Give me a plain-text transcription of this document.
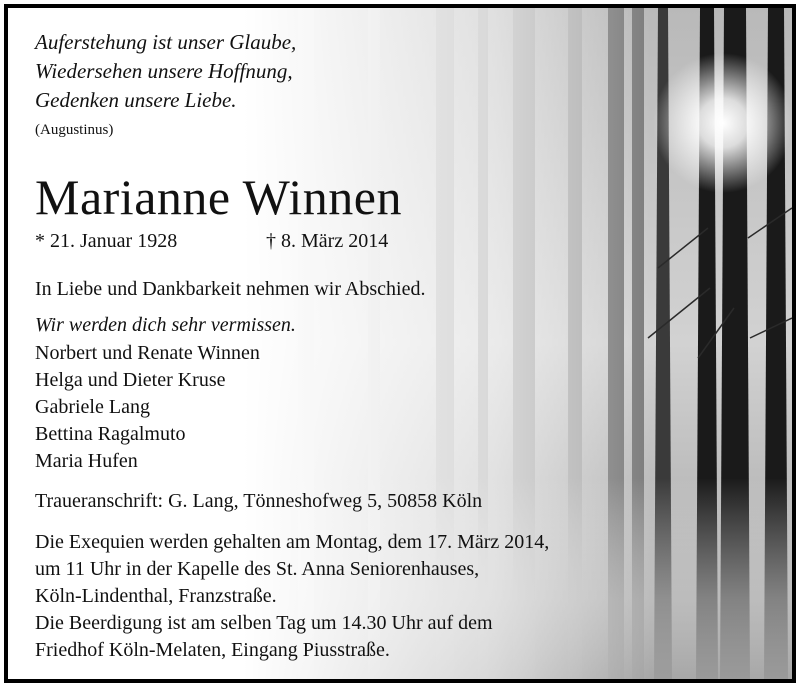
Auferstehung ist unser Glaube,

Wiedersehen unsere Hoffnung,

Gedenken unsere Liebe.

(Augustinus)

Marianne Winnen

* 21. Januar 1928	† 8. März 2014

In Liebe und Dankbarkeit nehmen wir Abschied.

Wir werden dich sehr vermissen.

Norbert und Renate Winnen

Helga und Dieter Kruse

Gabriele Lang

Bettina Ragalmuto

Maria Hufen

Traueranschrift: G. Lang, Tönneshofweg 5, 50858 Köln

Die Exequien werden gehalten am Montag, dem 17. März 2014,

um 11 Uhr in der Kapelle des St. Anna Seniorenhauses,

Köln-Lindenthal, Franzstraße.

Die Beerdigung ist am selben Tag um 14.30 Uhr auf dem

Friedhof Köln-Melaten, Eingang Piusstraße.
